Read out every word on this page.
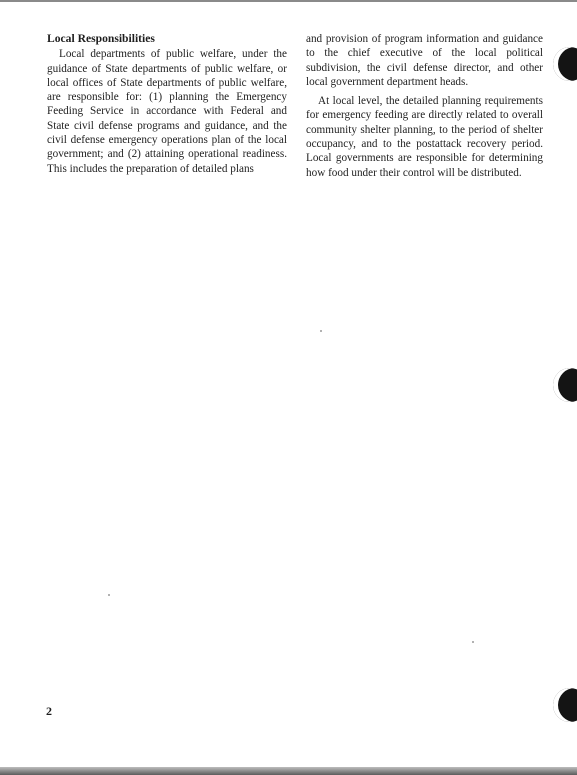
Local Responsibilities

Local departments of public welfare, under the guidance of State departments of public welfare, or local offices of State departments of public welfare, are responsible for: (1) planning the Emergency Feeding Service in accordance with Federal and State civil defense programs and guidance, and the civil defense emergency operations plan of the local government; and (2) attaining operational readiness. This includes the preparation of detailed plans

and provision of program information and guidance to the chief executive of the local political subdivision, the civil defense director, and other local government department heads.

At local level, the detailed planning requirements for emergency feeding are directly related to overall community shelter planning, to the period of shelter occupancy, and to the postattack recovery period. Local governments are responsible for determining how food under their control will be distributed.

2
